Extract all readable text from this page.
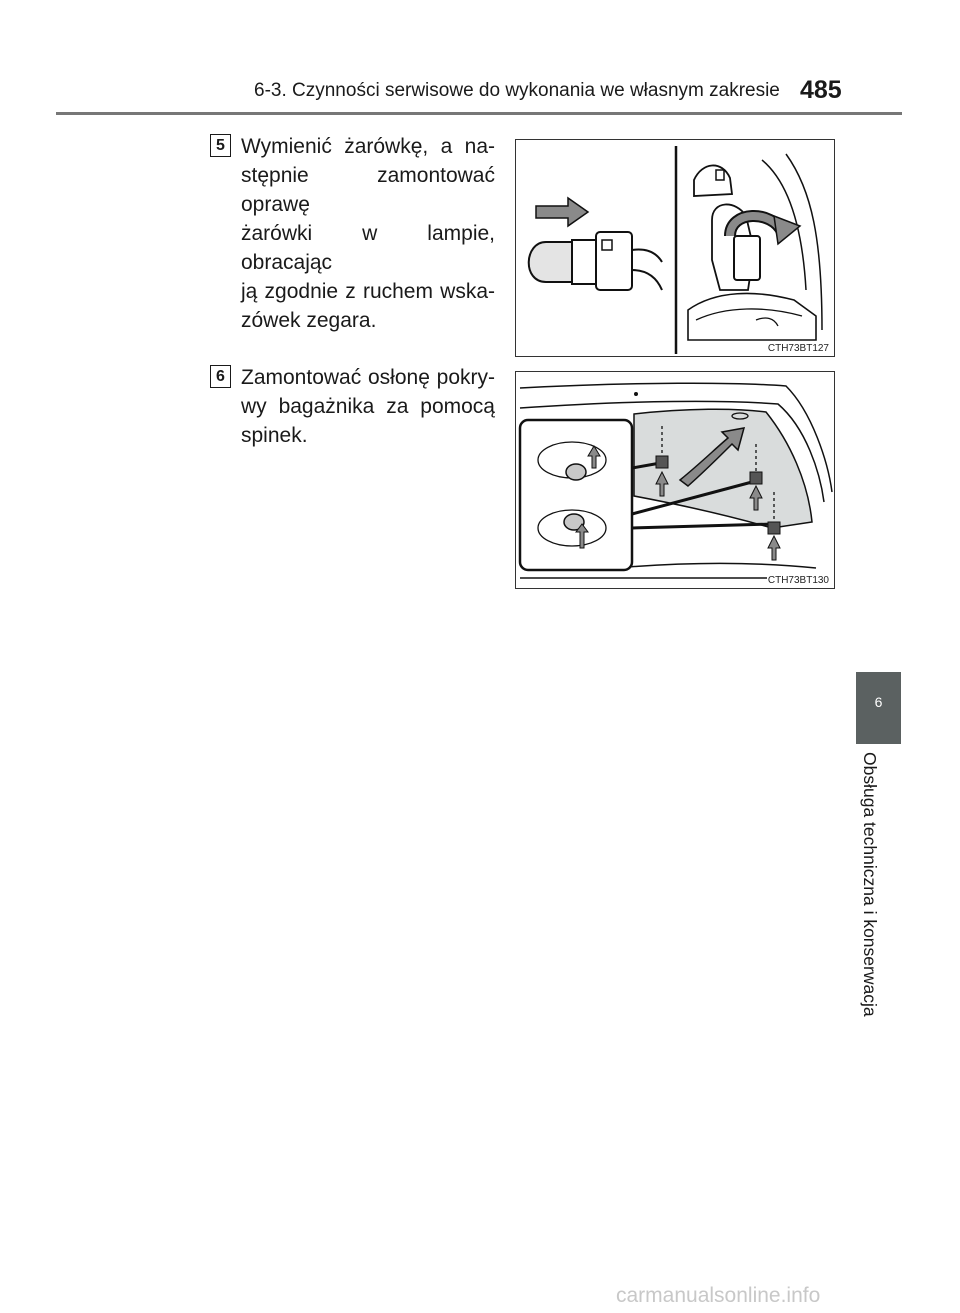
6-3. Czynności serwisowe do wykonania we własnym zakresie 485
5 Wymienić żarówkę, a na-
stępnie zamontować oprawę
żarówki w lampie, obracając
ją zgodnie z ruchem wska-
zówek zegara.
CTH73BT127
6 Zamontować osłonę pokry-
wy bagażnika za pomocą
spinek.
CTH73BT130
6
Obsługa techniczna i konserwacja
carmanualsonline.info
